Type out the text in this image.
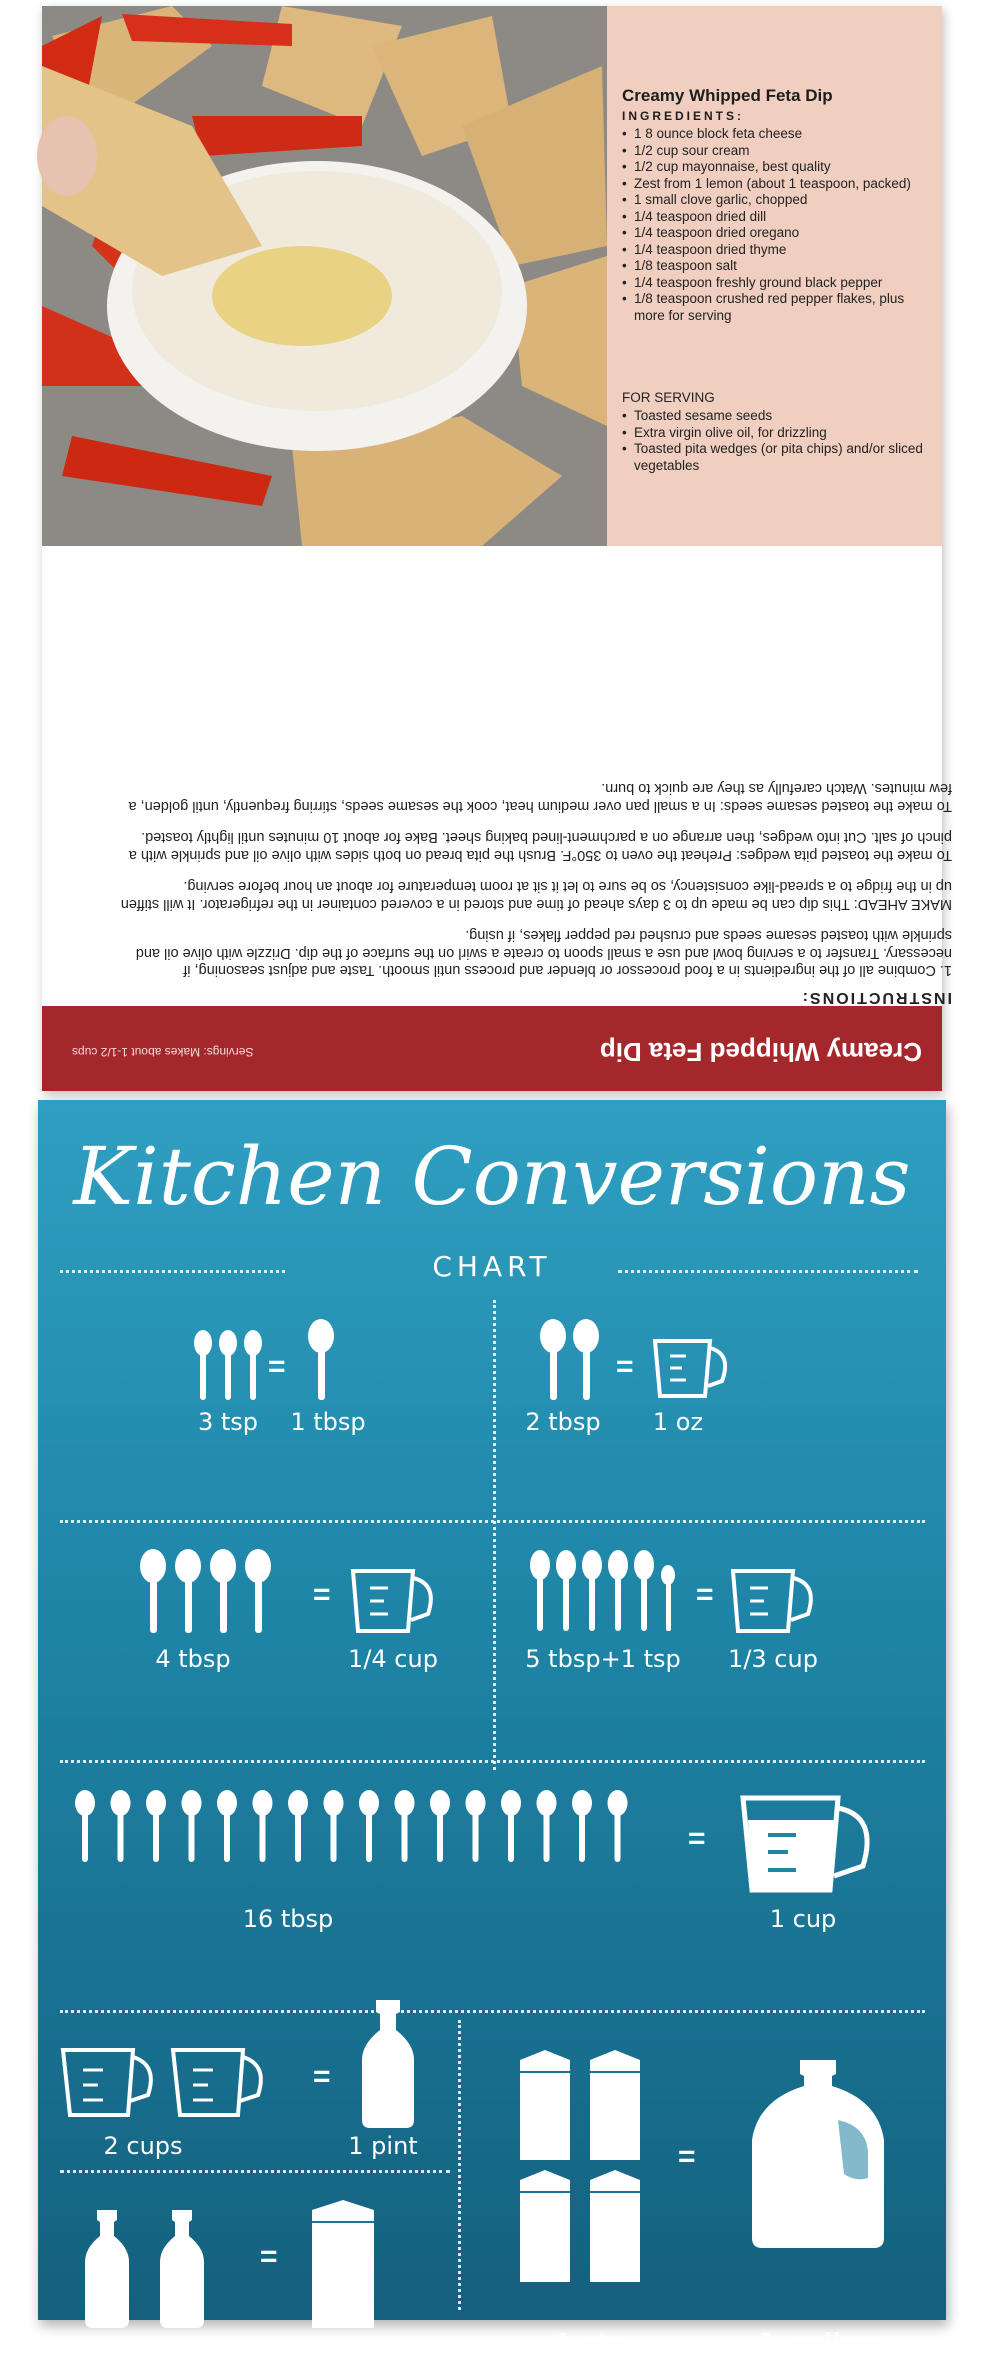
Creamy Whipped Feta Dip
INGREDIENTS:
• 1 8 ounce block feta cheese
• 1/2 cup sour cream
• 1/2 cup mayonnaise, best quality
• Zest from 1 lemon (about 1 teaspoon, packed)
• 1 small clove garlic, chopped
• 1/4 teaspoon dried dill
• 1/4 teaspoon dried oregano
• 1/4 teaspoon dried thyme
• 1/8 teaspoon salt
• 1/4 teaspoon freshly ground black pepper
• 1/8 teaspoon crushed red pepper flakes, plus more for serving
FOR SERVING
• Toasted sesame seeds
• Extra virgin olive oil, for drizzling
• Toasted pita wedges (or pita chips) and/or sliced vegetables
FOLD HERE TO CREATE A RECIPE CARD
INSTRUCTIONS:

1. Combine all of the ingredients in a food processor or blender and process until smooth. Taste and adjust seasoning, if necessary. Transfer to a serving bowl and use a small spoon to create a swirl on the surface of the dip. Drizzle with olive oil and sprinkle with toasted sesame seeds and crushed red pepper flakes, if using.

MAKE AHEAD: This dip can be made up to 3 days ahead of time and stored in a covered container in the refrigerator. It will stiffen up in the fridge to a spread-like consistency, so be sure to let it sit at room temperature for about an hour before serving.

To make the toasted pita wedges: Preheat the oven to 350°F. Brush the pita bread on both sides with olive oil and sprinkle with a pinch of salt. Cut into wedges, then arrange on a parchment-lined baking sheet. Bake for about 10 minutes until lightly toasted.

To make the toasted sesame seeds: In a small pan over medium heat, cook the sesame seeds, stirring frequently, until golden, a few minutes. Watch carefully as they are quick to burn.

Creamy Whipped Feta Dip
Servings: Makes about 1-1/2 cups
Kitchen Conversions
CHART
=
3 tsp	1 tbsp
=
2 tbsp	1 oz
=
4 tbsp	1/4 cup
=
5 tbsp+1 tsp	1/3 cup
=
16 tbsp	1 cup
=
2 cups	1 pint
=
2 pints	1 qt
=
4 qts	1 gallon
